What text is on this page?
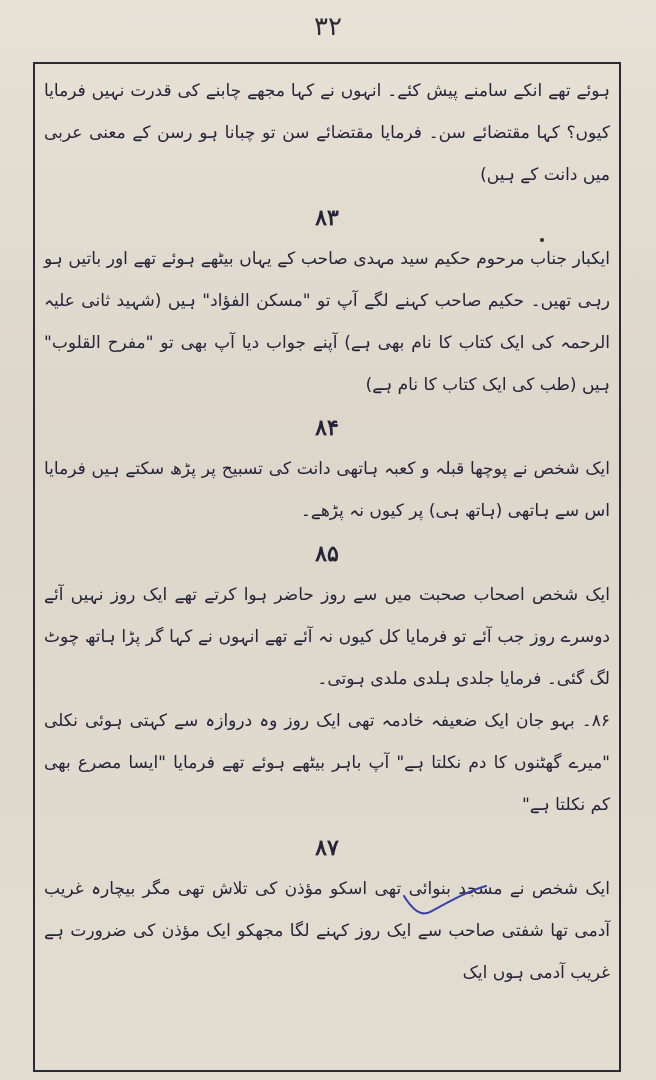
٣٢

ہوئے تھے انکے سامنے پیش کئے۔ انہوں نے کہا مجھے چابنے کی قدرت نہیں فرمایا کیوں؟ کہا مقتضائے سن۔ فرمایا مقتضائے سن تو چبانا ہو رسن کے معنی عربی میں دانت کے ہیں)

۸۳

ایکبار جناب مرحوم حکیم سید مہدی صاحب کے یہاں بیٹھے ہوئے تھے اور باتیں ہو رہی تھیں۔ حکیم صاحب کہنے لگے آپ تو "مسکن الفؤاد" ہیں (شہید ثانی علیہ الرحمہ کی ایک کتاب کا نام بھی ہے) آپنے جواب دیا آپ بھی تو "مفرح القلوب" ہیں (طب کی ایک کتاب کا نام ہے)

۸۴

ایک شخص نے پوچھا قبلہ و کعبہ ہاتھی دانت کی تسبیح پر پڑھ سکتے ہیں فرمایا اس سے ہاتھی (ہاتھ ہی) پر کیوں نہ پڑھے۔

۸۵

ایک شخص اصحاب صحبت میں سے روز حاضر ہوا کرتے تھے ایک روز نہیں آئے دوسرے روز جب آئے تو فرمایا کل کیوں نہ آئے تھے انہوں نے کہا گر پڑا ہاتھ چوٹ لگ گئی۔ فرمایا جلدی ہلدی ملدی ہوتی۔

۸۶۔ بہو جان ایک ضعیفہ خادمہ تھی ایک روز وہ دروازہ سے کہتی ہوئی نکلی "میرے گھٹنوں کا دم نکلتا ہے" آپ باہر بیٹھے ہوئے تھے فرمایا "ایسا مصرع بھی کم نکلتا ہے"

۸۷

ایک شخص نے مسجد بنوائی تھی اسکو مؤذن کی تلاش تھی مگر بیچارہ غریب آدمی تھا شفتی صاحب سے ایک روز کہنے لگا مجھکو ایک مؤذن کی ضرورت ہے غریب آدمی ہوں ایک
